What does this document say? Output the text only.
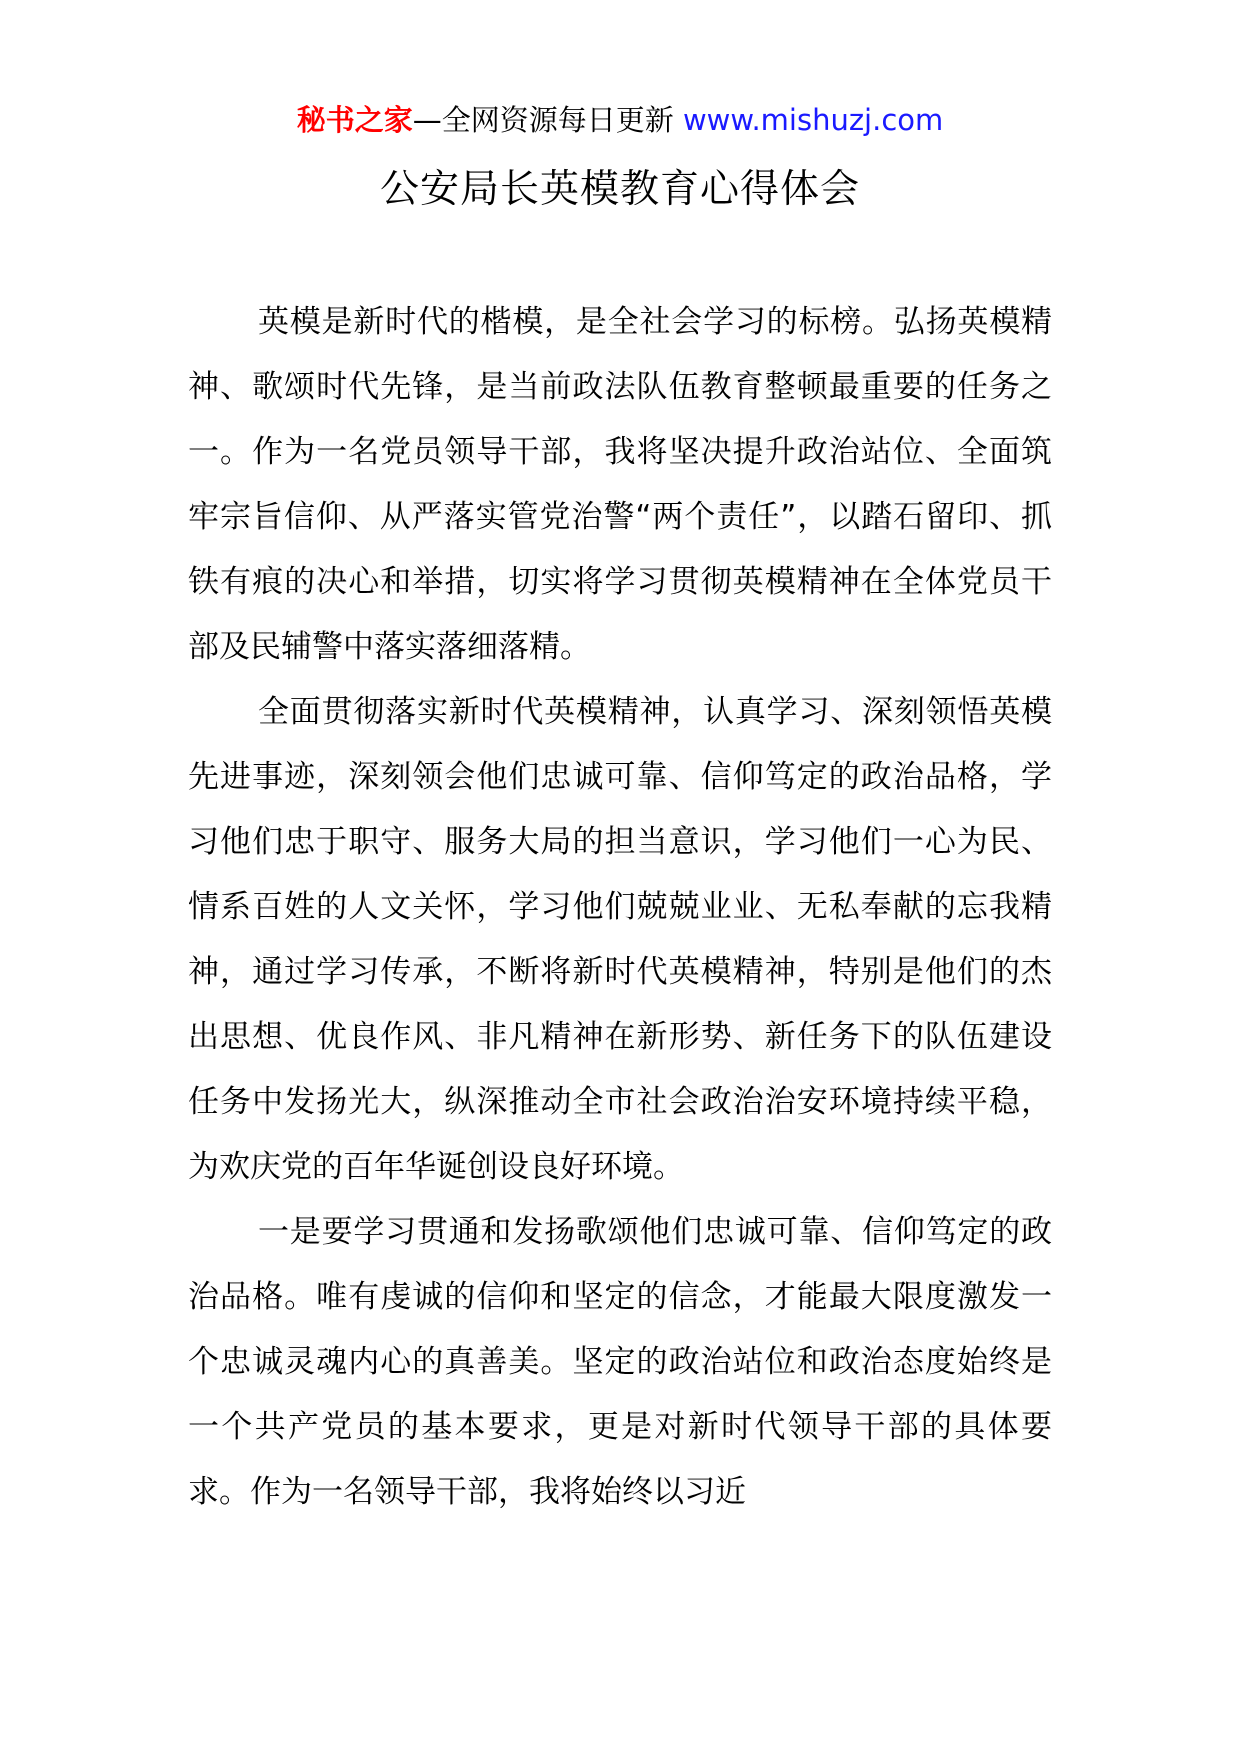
秘书之家—全网资源每日更新 www.mishuzj.com
公安局长英模教育心得体会

英模是新时代的楷模，是全社会学习的标榜。弘扬英模精神、歌颂时代先锋，是当前政法队伍教育整顿最重要的任务之一。作为一名党员领导干部，我将坚决提升政治站位、全面筑牢宗旨信仰、从严落实管党治警“两个责任”，以踏石留印、抓铁有痕的决心和举措，切实将学习贯彻英模精神在全体党员干部及民辅警中落实落细落精。

全面贯彻落实新时代英模精神，认真学习、深刻领悟英模先进事迹，深刻领会他们忠诚可靠、信仰笃定的政治品格，学习他们忠于职守、服务大局的担当意识，学习他们一心为民、情系百姓的人文关怀，学习他们兢兢业业、无私奉献的忘我精神，通过学习传承，不断将新时代英模精神，特别是他们的杰出思想、优良作风、非凡精神在新形势、新任务下的队伍建设任务中发扬光大，纵深推动全市社会政治治安环境持续平稳，为欢庆党的百年华诞创设良好环境。

一是要学习贯通和发扬歌颂他们忠诚可靠、信仰笃定的政治品格。唯有虔诚的信仰和坚定的信念，才能最大限度激发一个忠诚灵魂内心的真善美。坚定的政治站位和政治态度始终是一个共产党员的基本要求，更是对新时代领导干部的具体要求。作为一名领导干部，我将始终以习近
